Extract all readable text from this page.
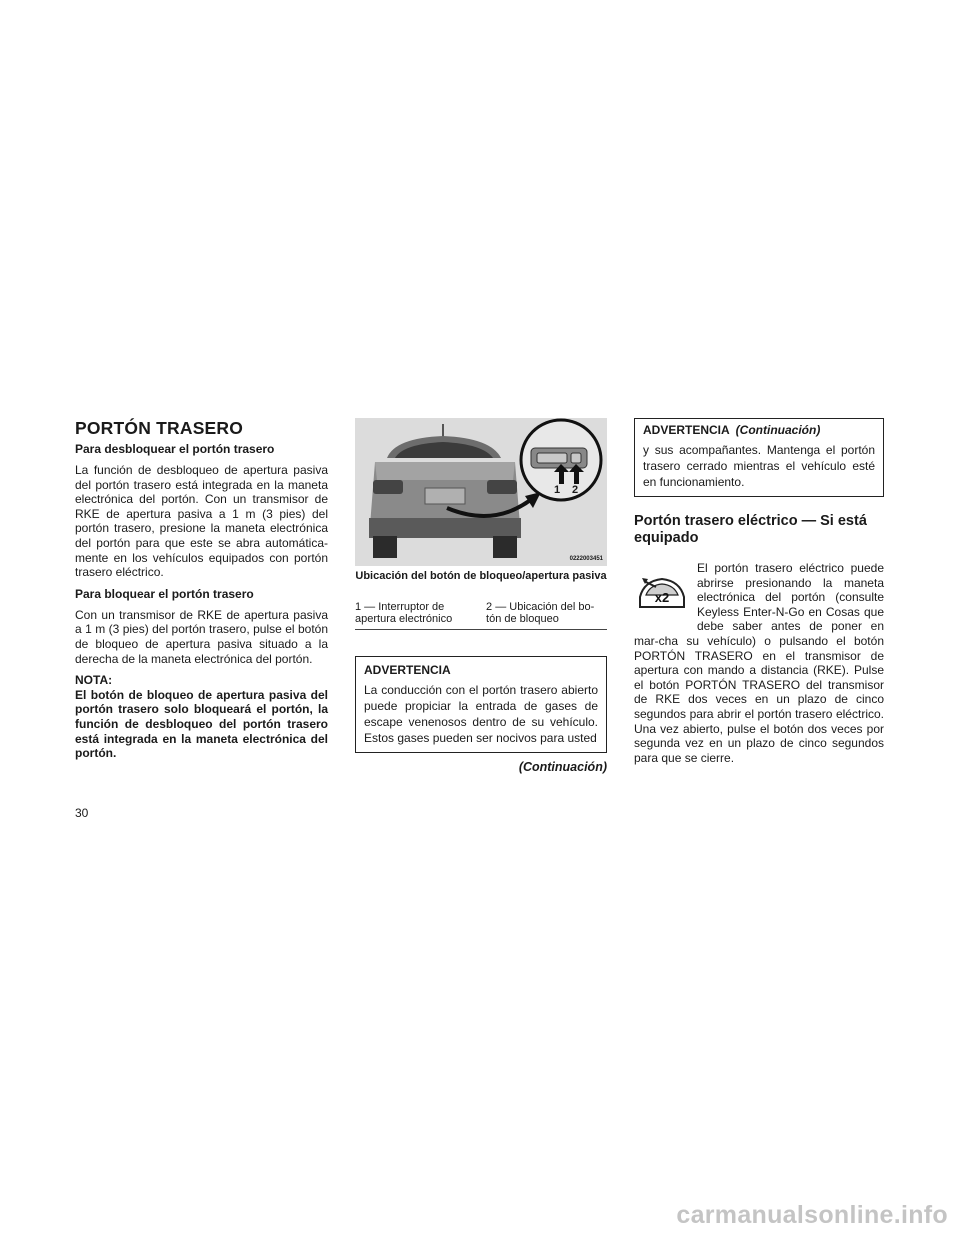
PORTÓN TRASERO
Para desbloquear el portón trasero

La función de desbloqueo de apertura pasiva del portón trasero está integrada en la maneta electrónica del portón. Con un transmisor de RKE de apertura pasiva a 1 m (3 pies) del portón trasero, presione la maneta electrónica del portón para que este se abra automática-mente en los vehículos equipados con portón trasero eléctrico.

Para bloquear el portón trasero

Con un transmisor de RKE de apertura pasiva a 1 m (3 pies) del portón trasero, pulse el botón de bloqueo de apertura pasiva situado a la derecha de la maneta electrónica del portón.

NOTA:
El botón de bloqueo de apertura pasiva del portón trasero solo bloqueará el portón, la función de desbloqueo del portón trasero está integrada en la maneta electrónica del portón.
1 2
0222003451
Ubicación del botón de bloqueo/apertura pasiva
1 — Interruptor de apertura electrónico
2 — Ubicación del bo-tón de bloqueo
ADVERTENCIA

La conducción con el portón trasero abierto puede propiciar la entrada de gases de escape venenosos dentro de su vehículo. Estos gases pueden ser nocivos para usted

(Continuación)
ADVERTENCIA (Continuación)

y sus acompañantes. Mantenga el portón trasero cerrado mientras el vehículo esté en funcionamiento.

Portón trasero eléctrico — Si está equipado
x2

El portón trasero eléctrico puede abrirse presionando la maneta electrónica del portón (consulte Keyless Enter-N-Go en Cosas que debe saber antes de poner en mar-cha su vehículo) o pulsando el botón PORTÓN TRASERO en el transmisor de apertura con mando a distancia (RKE). Pulse el botón PORTÓN TRASERO del transmisor de RKE dos veces en un plazo de cinco segundos para abrir el portón trasero eléctrico. Una vez abierto, pulse el botón dos veces por segunda vez en un plazo de cinco segundos para que se cierre.

30
carmanualsonline.info
